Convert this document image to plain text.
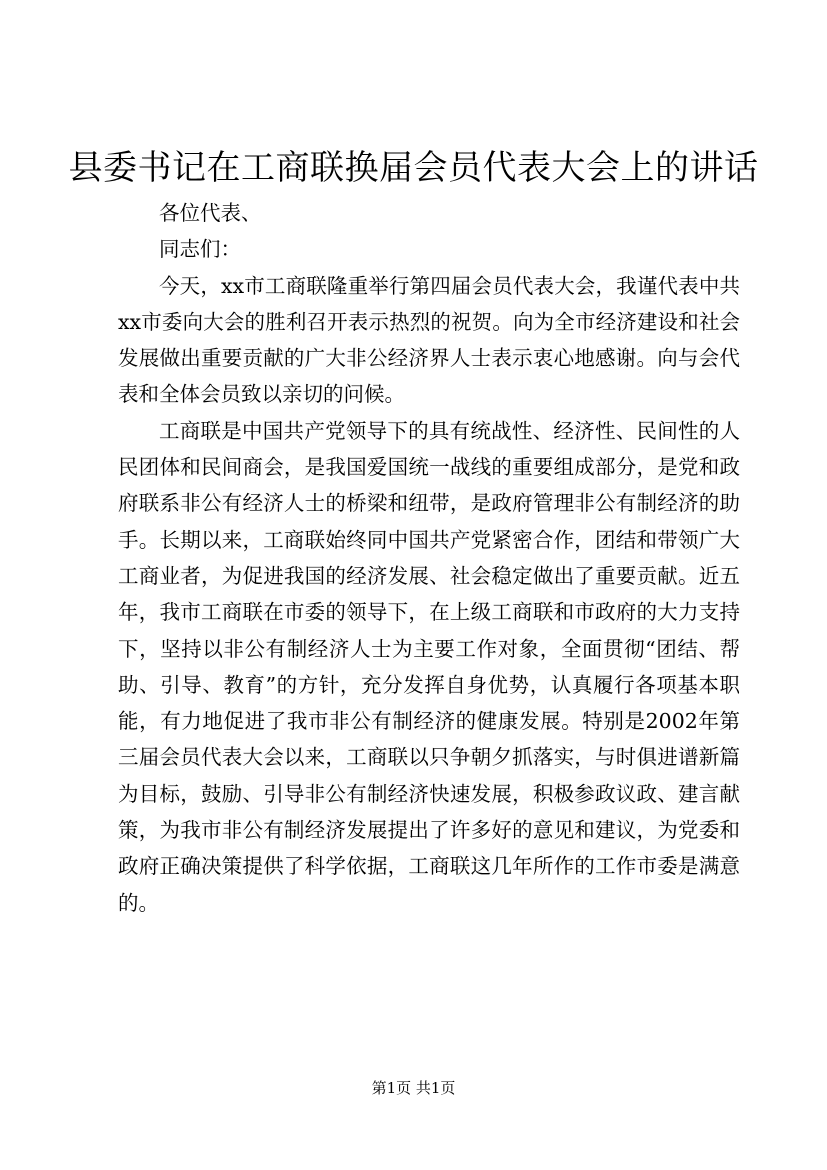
县委书记在工商联换届会员代表大会上的讲话

各位代表、

同志们：

今天，xx市工商联隆重举行第四届会员代表大会，我谨代表中共xx市委向大会的胜利召开表示热烈的祝贺。向为全市经济建设和社会发展做出重要贡献的广大非公经济界人士表示衷心地感谢。向与会代表和全体会员致以亲切的问候。

工商联是中国共产党领导下的具有统战性、经济性、民间性的人民团体和民间商会，是我国爱国统一战线的重要组成部分，是党和政府联系非公有经济人士的桥梁和纽带，是政府管理非公有制经济的助手。长期以来，工商联始终同中国共产党紧密合作，团结和带领广大工商业者，为促进我国的经济发展、社会稳定做出了重要贡献。近五年，我市工商联在市委的领导下，在上级工商联和市政府的大力支持下，坚持以非公有制经济人士为主要工作对象，全面贯彻“团结、帮助、引导、教育”的方针，充分发挥自身优势，认真履行各项基本职能，有力地促进了我市非公有制经济的健康发展。特别是2002年第三届会员代表大会以来，工商联以只争朝夕抓落实，与时俱进谱新篇为目标，鼓励、引导非公有制经济快速发展，积极参政议政、建言献策，为我市非公有制经济发展提出了许多好的意见和建议，为党委和政府正确决策提供了科学依据，工商联这几年所作的工作市委是满意的。

第1页 共1页
